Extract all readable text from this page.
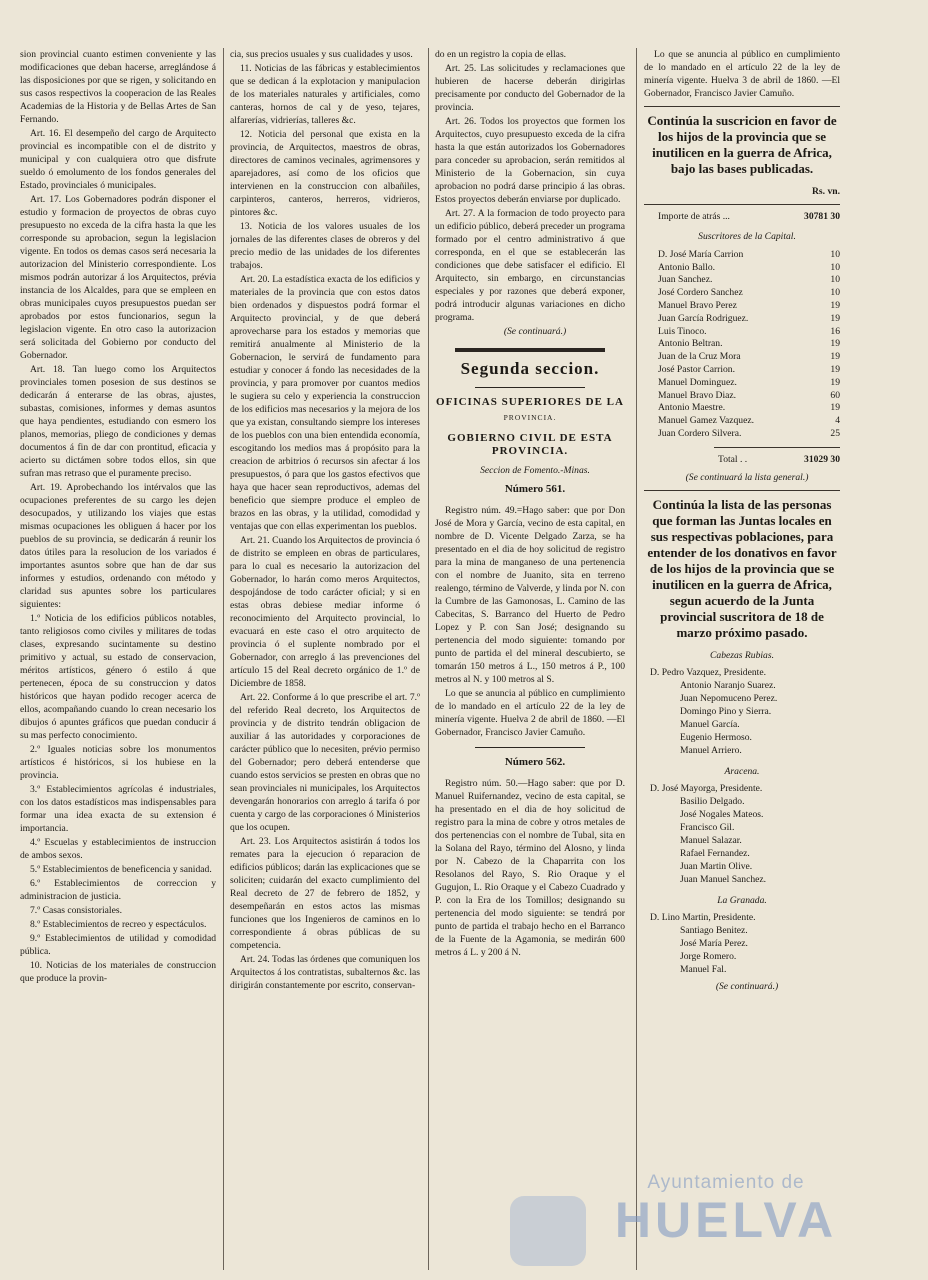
sion provincial cuanto estimen conveniente y las modificaciones que deban hacerse, arreglándose á las disposiciones por que se rigen, y solicitando en sus casos respectivos la cooperacion de las Reales Academias de la Historia y de Bellas Artes de San Fernando.

Art. 16. El desempeño del cargo de Arquitecto provincial es incompatible con el de distrito y municipal y con cualquiera otro que disfrute sueldo ó emolumento de los fondos generales del Estado, provinciales ó municipales.

Art. 17. Los Gobernadores podrán disponer el estudio y formacion de proyectos de obras cuyo presupuesto no exceda de la cifra hasta la que les corresponde su aprobacion, segun la legislacion vigente. En todos os demas casos será necesaria la autorizacion del Ministerio correspondiente. Los mismos podrán autorizar á los Arquitectos, prévia instancia de los Alcaldes, para que se empleen en obras municipales cuyos presupuestos puedan ser aprobados por estos funcionarios, segun la legislacion vigente. En otro caso la autorizacion será solicitada del Gobierno por conducto del Gobernador.

Art. 18. Tan luego como los Arquitectos provinciales tomen posesion de sus destinos se dedicarán á enterarse de las obras, ajustes, subastas, comisiones, informes y demas asuntos que haya pendientes, estudiando con esmero los planos, memorias, pliego de condiciones y demas documentos á fin de dar con prontitud, eficacia y acierto su dictámen sobre todos ellos, sin que sufran mas retraso que el puramente preciso.

Art. 19. Aprobechando los intérvalos que las ocupaciones preferentes de su cargo les dejen desocupados, y utilizando los viajes que estas mismas ocupaciones les obliguen á hacer por los pueblos de su provincia, se dedicarán á reunir los datos útiles para la resolucion de los variados é importantes asuntos sobre que han de dar sus informes y estudios, ordenando con método y claridad sus apuntes sobre los particulares siguientes:

1.º Noticia de los edificios públicos notables, tanto religiosos como civiles y militares de todas clases, expresando sucintamente su destino primitivo y actual, su estado de conservacion, méritos artísticos, género ó estilo á que pertenecen, época de su construccion y datos históricos que hayan podido recoger acerca de ellos, acompañando cuando lo crean necesario los dibujos ó apuntes gráficos que puedan conducir á su mas perfecto conocimiento.

2.º Iguales noticias sobre los monumentos artísticos é históricos, si los hubiese en la provincia.

3.º Establecimientos agrícolas é industriales, con los datos estadísticos mas indispensables para formar una idea exacta de su extension é importancia.

4.º Escuelas y establecimientos de instruccion de ambos sexos.

5.º Establecimientos de beneficencia y sanidad.

6.º Establecimientos de correccion y administracion de justicia.

7.º Casas consistoriales.

8.º Establecimientos de recreo y espectáculos.

9.º Establecimientos de utilidad y comodidad pública.

10. Noticias de los materiales de construccion que produce la provin-

cia, sus precios usuales y sus cualidades y usos.

11. Noticias de las fábricas y establecimientos que se dedican á la explotacion y manipulacion de los materiales naturales y artificiales, como canteras, hornos de cal y de yeso, tejares, alfarerías, vidrierías, talleres &c.

12. Noticia del personal que exista en la provincia, de Arquitectos, maestros de obras, directores de caminos vecinales, agrimensores y aparejadores, así como de los oficios que intervienen en la construccion con albañiles, carpinteros, canteros, herreros, vidrieros, pintores &c.

13. Noticia de los valores usuales de los jornales de las diferentes clases de obreros y del precio medio de las unidades de los diferentes trabajos.

Art. 20. La estadística exacta de los edificios y materiales de la provincia que con estos datos bien ordenados y dispuestos podrá formar el Arquitecto provincial, y de que deberá aprovecharse para los estados y memorias que remitirá anualmente al Ministerio de la Gobernacion, le servirá de fundamento para estudiar y conocer á fondo las necesidades de la provincia, y para promover por cuantos medios le sugiera su celo y experiencia la construccion de los edificios mas necesarios y la mejora de los que ya existan, consultando siempre los intereses de los pueblos con una bien entendida economía, escogitando los medios mas á propósito para la creacion de arbitrios ó recursos sin afectar á los presupuestos, ó para que los gastos efectivos que haya que hacer sean reproductivos, ademas del beneficio que siempre produce el empleo de brazos en las obras, y la utilidad, comodidad y ventajas que con ellas experimentan los pueblos.

Art. 21. Cuando los Arquitectos de provincia ó de distrito se empleen en obras de particulares, para lo cual es necesario la autorizacion del Gobernador, lo harán como meros Arquitectos, despojándose de todo carácter oficial; y si en estas obras debiese mediar informe ó reconocimiento del Arquitecto provincial, lo evacuará en este caso el otro arquitecto de provincia ó el suplente nombrado por el Gobernador, con arreglo á las prevenciones del artículo 15 del Real decreto orgánico de 1.º de Diciembre de 1858.

Art. 22. Conforme á lo que prescribe el art. 7.º del referido Real decreto, los Arquitectos de provincia y de distrito tendrán obligacion de auxiliar á las autoridades y corporaciones de carácter público que lo necesiten, prévio permiso del Gobernador; pero deberá entenderse que cuando estos servicios se presten en obras que no sean provinciales ni municipales, los Arquitectos devengarán honorarios con arreglo á tarifa ó por cuenta y cargo de las corporaciones ó Ministerios que los ocupen.

Art. 23. Los Arquitectos asistirán á todos los remates para la ejecucion ó reparacion de edificios públicos; darán las explicaciones que se soliciten; cuidarán del exacto cumplimiento del Real decreto de 27 de febrero de 1852, y desempeñarán en estos actos las mismas funciones que los Ingenieros de caminos en lo correspondiente á obras públicas de su competencia.

Art. 24. Todas las órdenes que comuniquen los Arquitectos á los contratistas, subalternos &c. las dirigirán constantemente por escrito, conservan-

do en un registro la copia de ellas.

Art. 25. Las solicitudes y reclamaciones que hubieren de hacerse deberán dirigirlas precisamente por conducto del Gobernador de la provincia.

Art. 26. Todos los proyectos que formen los Arquitectos, cuyo presupuesto exceda de la cifra hasta la que están autorizados los Gobernadores para conceder su aprobacion, serán remitidos al Ministerio de la Gobernacion, sin cuya aprobacion no podrá darse principio á las obras. Estos proyectos deberán enviarse por duplicado.

Art. 27. A la formacion de todo proyecto para un edificio público, deberá preceder un programa formado por el centro administrativo á que corresponda, en el que se establecerán las condiciones que debe satisfacer el edificio. El Arquitecto, sin embargo, en circunstancias especiales y por razones que deberá exponer, podrá introducir algunas variaciones en dicho programa.

(Se continuará.)

Segunda seccion.
OFICINAS SUPERIORES DE LA
PROVINCIA.
GOBIERNO CIVIL DE ESTA PROVINCIA.

Seccion de Fomento.-Minas.

Número 561.

Registro núm. 49.=Hago saber: que por Don José de Mora y García, vecino de esta capital, en nombre de D. Vicente Delgado Zarza, se ha presentado en el dia de hoy solicitud de registro para la mina de manganeso de una pertenencia con el nombre de Juanito, sita en terreno realengo, término de Valverde, y linda por N. con la Cumbre de las Gamonosas, L. Camino de las Cabecitas, S. Barranco del Huerto de Pedro Lopez y P. con San José; designando su pertenencia del modo siguiente: tomando por punto de partida el del mineral descubierto, se tomarán 150 metros á L., 150 metros á P., 100 metros al N. y 100 metros al S.

Lo que se anuncia al público en cumplimiento de lo mandado en el artículo 22 de la ley de minería vigente. Huelva 2 de abril de 1860. —El Gobernador, Francisco Javier Camuño.

Número 562.

Registro núm. 50.—Hago saber: que por D. Manuel Ruifernandez, vecino de esta capital, se ha presentado en el dia de hoy solicitud de registro para la mina de cobre y otros metales de dos pertenencias con el nombre de Tubal, sita en la Solana del Rayo, término del Alosno, y linda por N. Cabezo de la Chaparrita con los Resolanos del Rayo, S. Rio Oraque y el Gugujon, L. Rio Oraque y el Cabezo Cuadrado y P. con la Era de los Tomillos; designando su pertenencia del modo siguiente: se tendrá por punto de partida el trabajo hecho en el Barranco de la Fuente de la Agamonia, se medirán 600 metros á L. y 200 á N.

Lo que se anuncia al público en cumplimiento de lo mandado en el artículo 22 de la ley de minería vigente. Huelva 3 de abril de 1860. —El Gobernador, Francisco Javier Camuño.

Continúa la suscricion en favor de los hijos de la provincia que se inutilicen en la guerra de Africa, bajo las bases publicadas.
Rs. vn.
Importe de atrás ...	30781 30

Suscritores de la Capital.

D. José María Carrion	10
Antonio Ballo.	10
Juan Sanchez.	10
José Cordero Sanchez	10
Manuel Bravo Perez	19
Juan García Rodriguez.	19
Luis Tinoco.	16
Antonio Beltran.	19
Juan de la Cruz Mora	19
José Pastor Carrion.	19
Manuel Dominguez.	19
Manuel Bravo Diaz.	60
Antonio Maestre.	19
Manuel Gamez Vazquez.	4
Juan Cordero Silvera.	25
Total . .	31029 30

(Se continuará la lista general.)

Continúa la lista de las personas que forman las Juntas locales en sus respectivas poblaciones, para entender de los donativos en favor de los hijos de la provincia que se inutilicen en la guerra de Africa, segun acuerdo de la Junta provincial suscritora de 18 de marzo próximo pasado.
Cabezas Rubias.
D. Pedro Vazquez, Presidente.
Antonio Naranjo Suarez.
Juan Nepomuceno Perez.
Domingo Pino y Sierra.
Manuel García.
Eugenio Hermoso.
Manuel Arriero.
Aracena.
D. José Mayorga, Presidente.
Basilio Delgado.
José Nogales Mateos.
Francisco Gil.
Manuel Salazar.
Rafael Fernandez.
Juan Martin Olive.
Juan Manuel Sanchez.
La Granada.
D. Lino Martin, Presidente.
Santiago Benitez.
José María Perez.
Jorge Romero.
Manuel Fal.

(Se continuará.)

Ayuntamiento de
HUELVA
